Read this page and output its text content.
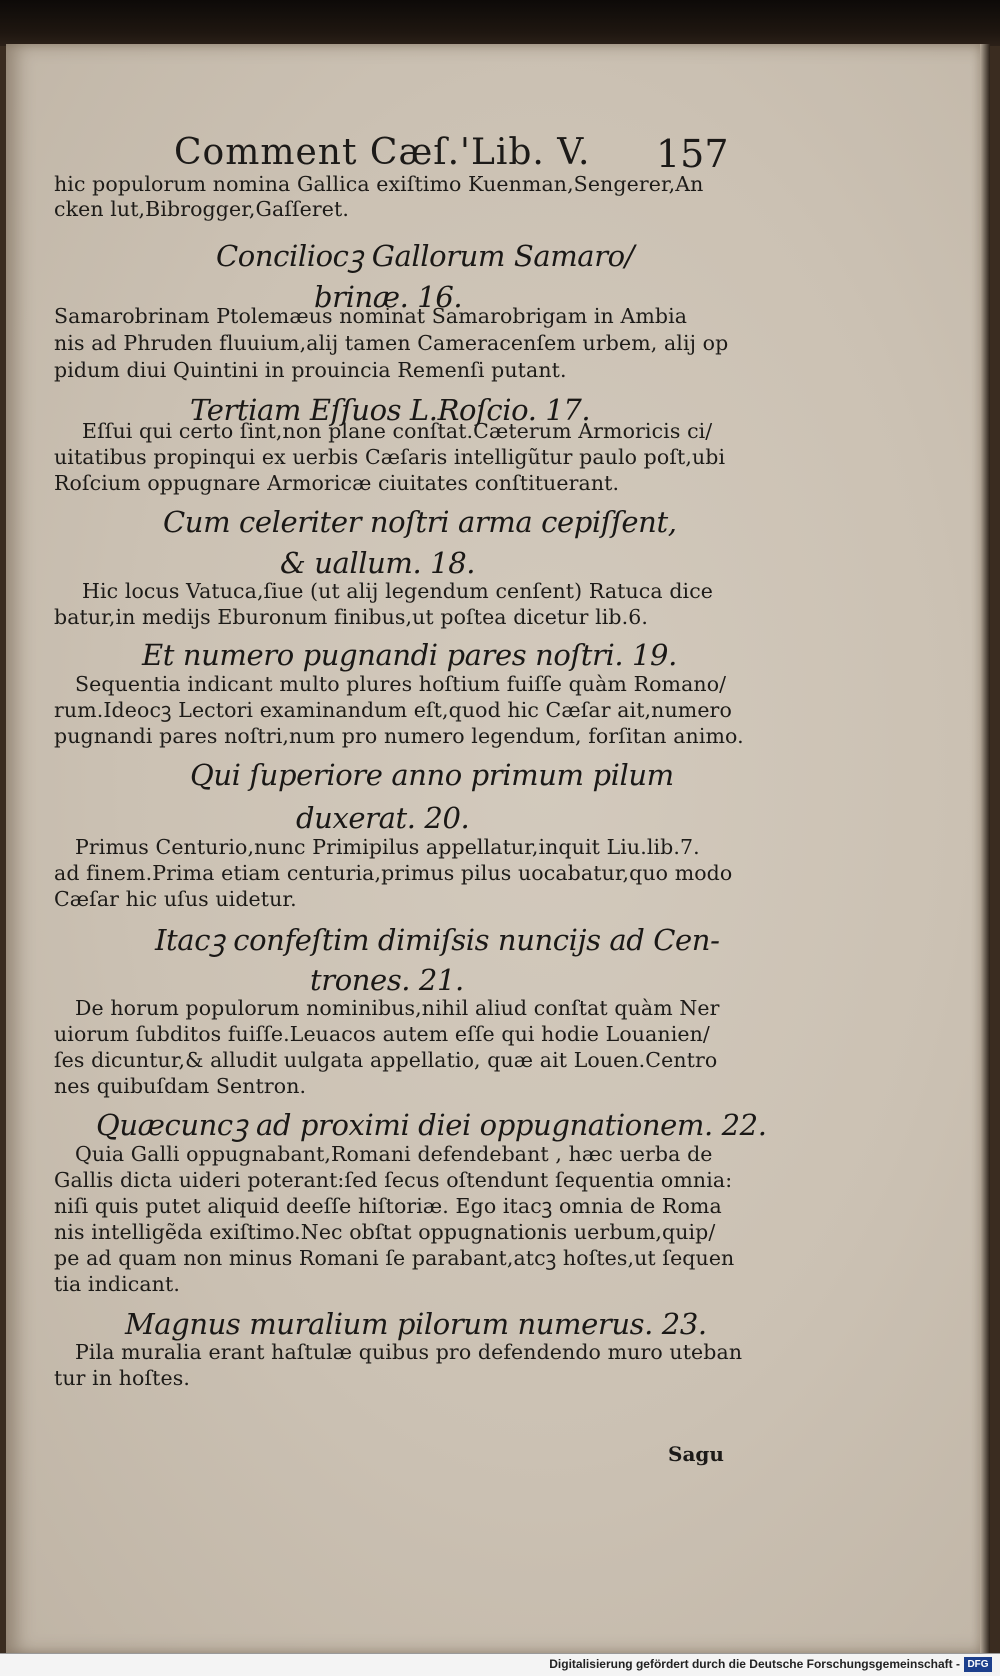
Comment Cæſ.'Lib. V. 157
hic populorum nomina Gallica exiſtimo Kuenman,Sengerer,An
cken lut,Bibrogger,Gaſſeret.
Conciliocꝫ Gallorum Samaro/
brinæ. 16.
Samarobrinam Ptolemæus nominat Samarobrigam in Ambia
nis ad Phruden fluuium,alij tamen Cameracenſem urbem, alij op
pidum diui Quintini in prouincia Remenſi putant.
Tertiam Eſſuos L.Roſcio. 17.
Eſſui qui certo ſint,non plane conſtat.Cæterum Armoricis ci/
uitatibus propinqui ex uerbis Cæſaris intelligũtur paulo poſt,ubi
Roſcium oppugnare Armoricæ ciuitates conſtituerant.
Cum celeriter noſtri arma cepiſſent,
& uallum. 18.
Hic locus Vatuca,ſiue (ut alij legendum cenſent) Ratuca dice
batur,in medijs Eburonum finibus,ut poſtea dicetur lib.6.
Et numero pugnandi pares noſtri. 19.
Sequentia indicant multo plures hoſtium fuiſſe quàm Romano/
rum.Ideocꝫ Lectori examinandum eſt,quod hic Cæſar ait,numero
pugnandi pares noſtri,num pro numero legendum, forſitan animo.
Qui ſuperiore anno primum pilum
duxerat. 20.
Primus Centurio,nunc Primipilus appellatur,inquit Liu.lib.7.
ad finem.Prima etiam centuria,primus pilus uocabatur,quo modo
Cæſar hic uſus uidetur.
Itacꝫ confeſtim dimiſsis nuncijs ad Cen-
trones. 21.
De horum populorum nominibus,nihil aliud conſtat quàm Ner
uiorum ſubditos fuiſſe.Leuacos autem eſſe qui hodie Louanien/
ſes dicuntur,& alludit uulgata appellatio, quæ ait Louen.Centro
nes quibuſdam Sentron.
Quæcuncꝫ ad proximi diei oppugnationem. 22.
Quia Galli oppugnabant,Romani defendebant , hæc uerba de
Gallis dicta uideri poterant:ſed ſecus oſtendunt ſequentia omnia:
niſi quis putet aliquid deeſſe hiſtoriæ. Ego itacꝫ omnia de Roma
nis intelligẽda exiſtimo.Nec obſtat oppugnationis uerbum,quip/
pe ad quam non minus Romani ſe parabant,atcꝫ hoſtes,ut ſequen
tia indicant.
Magnus muralium pilorum numerus. 23.
Pila muralia erant haſtulæ quibus pro defendendo muro uteban
tur in hoſtes.
Sagu
Digitalisierung gefördert durch die Deutsche Forschungsgemeinschaft - DFG
